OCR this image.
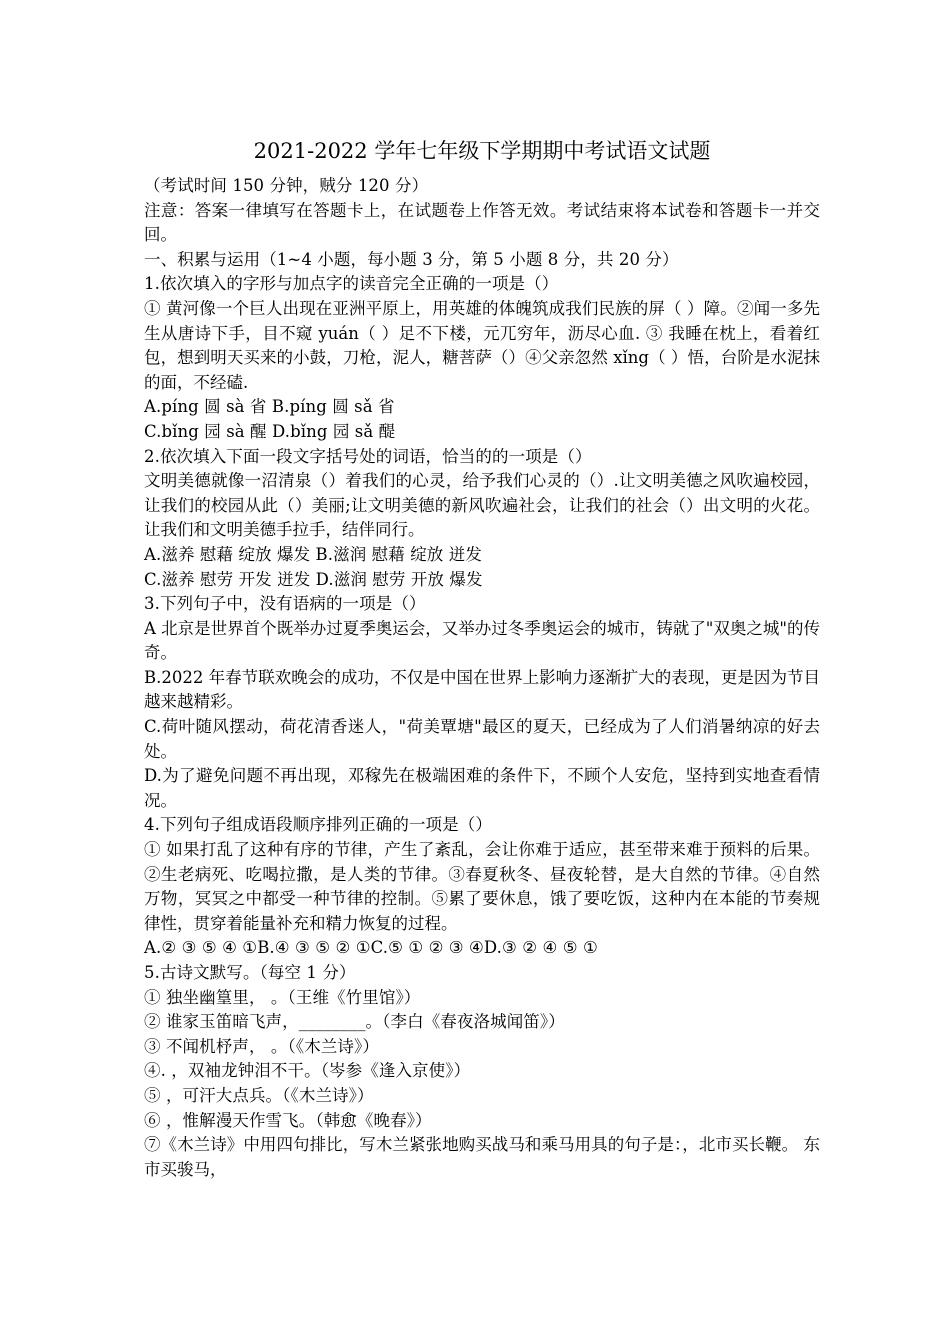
2021-2022 学年七年级下学期期中考试语文试题

（考试时间 150 分钟，贼分 120 分）

注意：答案一律填写在答题卡上，在试题卷上作答无效。考试结束将本试卷和答题卡一并交回。

一、积累与运用（1~4 小题，每小题 3 分，第 5 小题 8 分，共 20 分）

1.依次填入的字形与加点字的读音完全正确的一项是（）

① 黄河像一个巨人出现在亚洲平原上，用英雄的体魄筑成我们民族的屏（ ）障。②闻一多先生从唐诗下手，目不窥 yuán（ ）足不下楼，元兀穷年，沥尽心血. ③ 我睡在枕上，看着红包，想到明天买来的小鼓，刀枪，泥人，糖菩萨（）④父亲忽然 xǐng（ ）悟，台阶是水泥抹的面，不经磕.

A.píng 圆 sà 省 B.píng 圆 sǎ 省

C.bǐng 园 sà 醒 D.bǐng 园 sǎ 醍

2.依次填入下面一段文字括号处的词语，恰当的的一项是（）

文明美德就像一沼清泉（）着我们的心灵，给予我们心灵的（）.让文明美德之风吹遍校园，让我们的校园从此（）美丽;让文明美德的新风吹遍社会，让我们的社会（）出文明的火花。让我们和文明美德手拉手，结伴同行。

A.滋养 慰藉 绽放 爆发 B.滋润 慰藉 绽放 迸发

C.滋养 慰劳 开发 迸发 D.滋润 慰劳 开放 爆发

3.下列句子中，没有语病的一项是（）

A 北京是世界首个既举办过夏季奥运会，又举办过冬季奥运会的城市，铸就了"双奥之城"的传奇。

B.2022 年春节联欢晚会的成功，不仅是中国在世界上影响力逐渐扩大的表现，更是因为节目越来越精彩。

C.荷叶随风摆动，荷花清香迷人，"荷美覃塘"最区的夏天，已经成为了人们消暑纳凉的好去处。

D.为了避免问题不再出现，邓稼先在极端困难的条件下，不顾个人安危，坚持到实地查看情况。

4.下列句子组成语段顺序排列正确的一项是（）

① 如果打乱了这种有序的节律，产生了紊乱，会让你难于适应，甚至带来难于预料的后果。②生老病死、吃喝拉撒，是人类的节律。③春夏秋冬、昼夜轮替，是大自然的节律。④自然万物，冥冥之中都受一种节律的控制。⑤累了要休息，饿了要吃饭，这种内在本能的节奏规律性，贯穿着能量补充和精力恢复的过程。

A.② ③ ⑤ ④ ①B.④ ③ ⑤ ② ①C.⑤ ① ② ③ ④D.③ ② ④ ⑤ ①

5.古诗文默写。（每空 1 分）

① 独坐幽篁里， 。（王维《竹里馆》）

② 谁家玉笛暗飞声，________。（李白《春夜洛城闻笛》）

③ 不闻机杼声， 。（《木兰诗》）

④. ，双袖龙钟泪不干。（岑参《逢入京使》）

⑤ ，可汗大点兵。（《木兰诗》）

⑥ ，惟解漫天作雪飞。（韩愈《晚春》）

⑦《木兰诗》中用四句排比，写木兰紧张地购买战马和乘马用具的句子是：，北市买长鞭。 东市买骏马，
